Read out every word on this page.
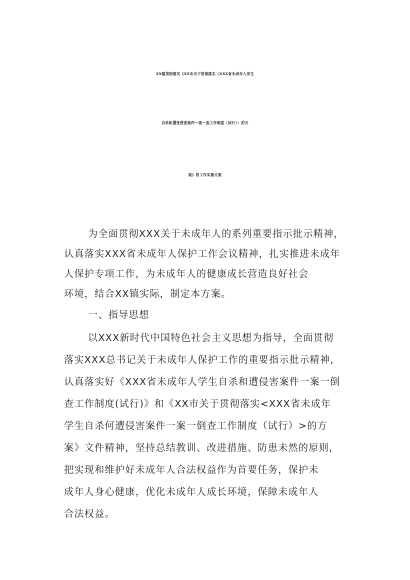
XX镇贯彻落实《XX市关于贯彻落实〈XXX省未成年人学生
自杀和遭受侵害案件一案一查工作制度（试行）〉的方
案》的工作实施方案
为全面贯彻XXX关于未成年人的系列重要指示批示精神，
认真落实XXX省未成年人保护工作会议精神，扎实推进未成年
人保护专项工作，为未成年人的健康成长营造良好社会
环境，结合XX镇实际，制定本方案。
一、指导思想
以XXX新时代中国特色社会主义思想为指导，全面贯彻
落实XXX总书记关于未成年人保护工作的重要指示批示精神，
认真落实好《XXX省未成年人学生自杀和遭侵害案件一案一倒
查工作制度(试行)》和《XX市关于贯彻落实<XXX省未成年
学生自杀何遭侵害案件一案一倒查工作制度（试行）>的方
案》文件精神，坚持总结教训、改进措施、防患未然的原则，
把实现和维护好未成年人合法权益作为首要任务，保护未
成年人身心健康，优化未成年人成长环境，保障未成年人
合法权益。
